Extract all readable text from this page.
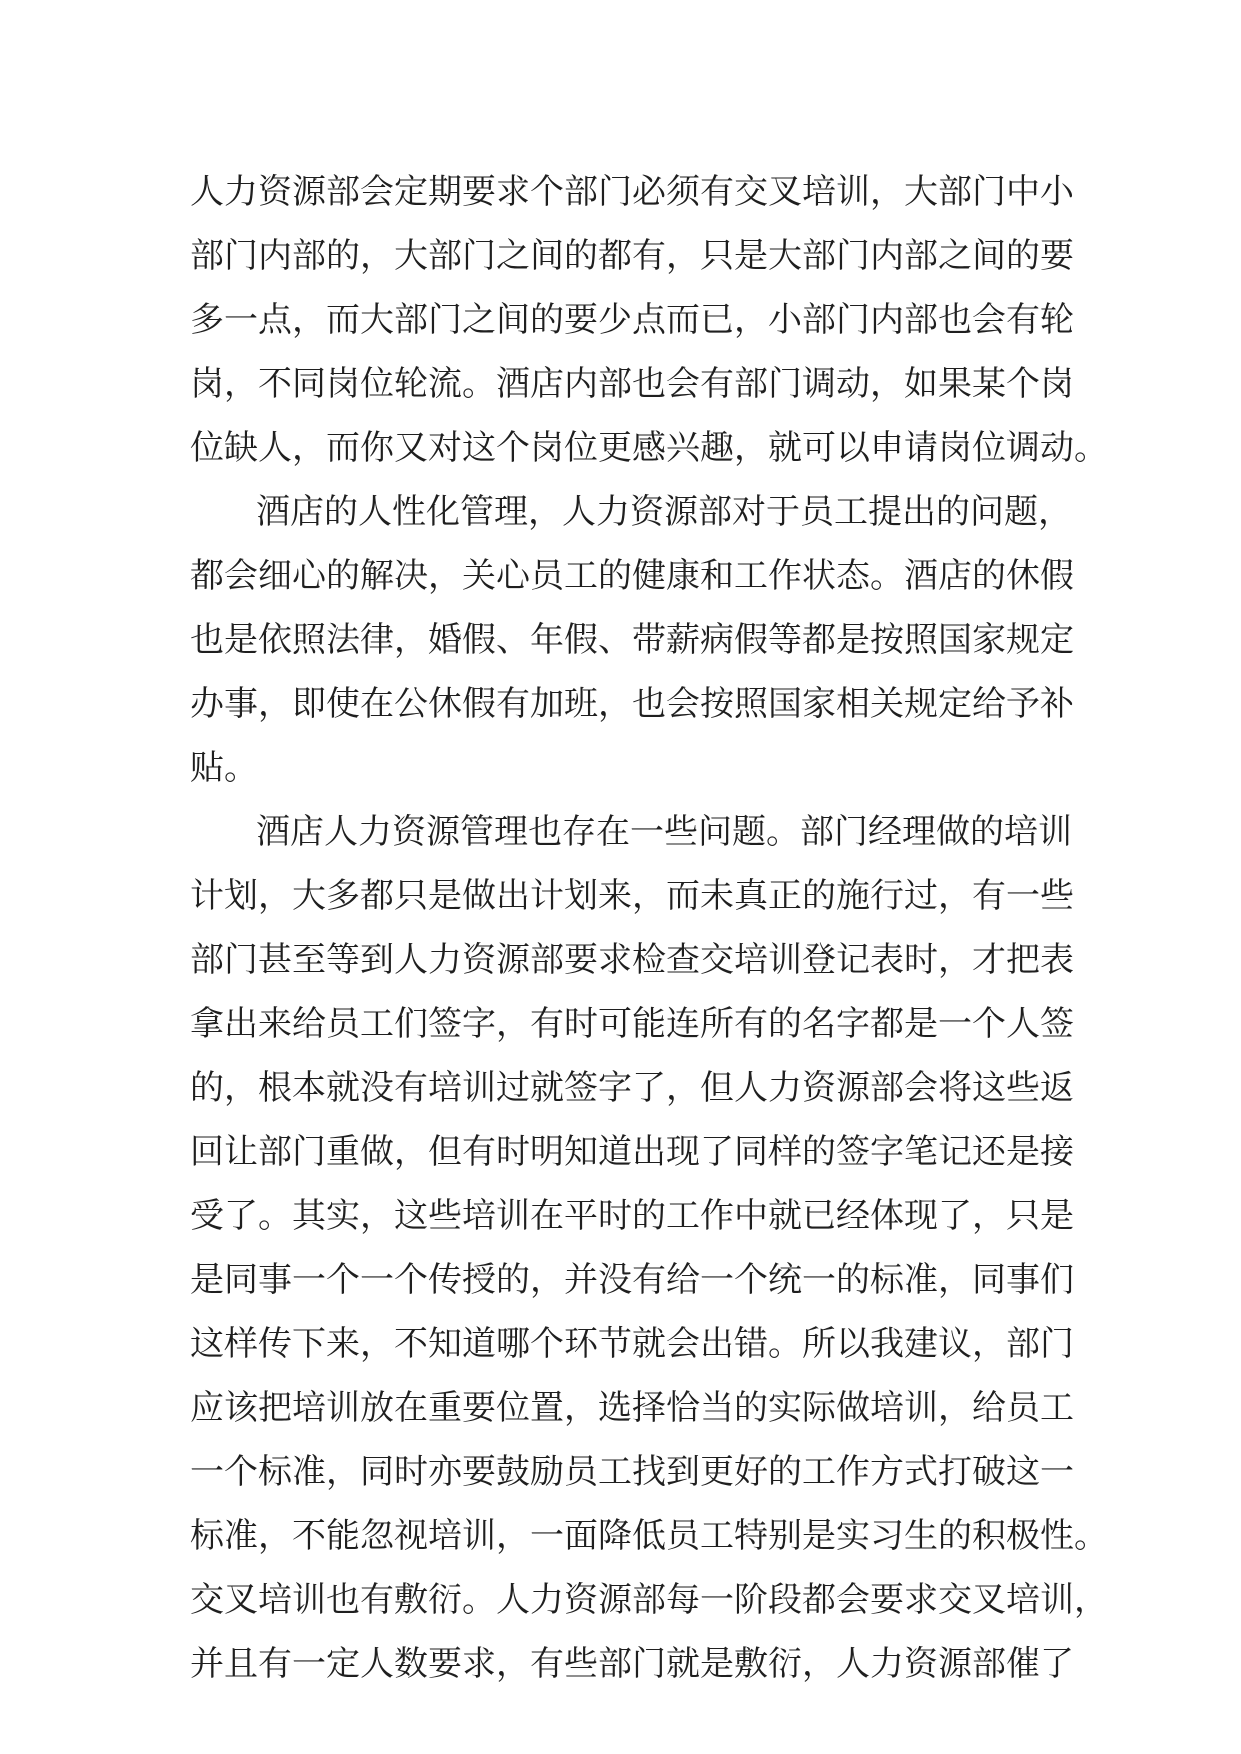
人力资源部会定期要求个部门必须有交叉培训，大部门中小
部门内部的，大部门之间的都有，只是大部门内部之间的要
多一点，而大部门之间的要少点而已，小部门内部也会有轮
岗，不同岗位轮流。酒店内部也会有部门调动，如果某个岗
位缺人，而你又对这个岗位更感兴趣，就可以申请岗位调动。
酒店的人性化管理，人力资源部对于员工提出的问题，
都会细心的解决，关心员工的健康和工作状态。酒店的休假
也是依照法律，婚假、年假、带薪病假等都是按照国家规定
办事，即使在公休假有加班，也会按照国家相关规定给予补
贴。
酒店人力资源管理也存在一些问题。部门经理做的培训
计划，大多都只是做出计划来，而未真正的施行过，有一些
部门甚至等到人力资源部要求检查交培训登记表时，才把表
拿出来给员工们签字，有时可能连所有的名字都是一个人签
的，根本就没有培训过就签字了，但人力资源部会将这些返
回让部门重做，但有时明知道出现了同样的签字笔记还是接
受了。其实，这些培训在平时的工作中就已经体现了，只是
是同事一个一个传授的，并没有给一个统一的标准，同事们
这样传下来，不知道哪个环节就会出错。所以我建议，部门
应该把培训放在重要位置，选择恰当的实际做培训，给员工
一个标准，同时亦要鼓励员工找到更好的工作方式打破这一
标准，不能忽视培训，一面降低员工特别是实习生的积极性。
交叉培训也有敷衍。人力资源部每一阶段都会要求交叉培训，
并且有一定人数要求，有些部门就是敷衍，人力资源部催了
